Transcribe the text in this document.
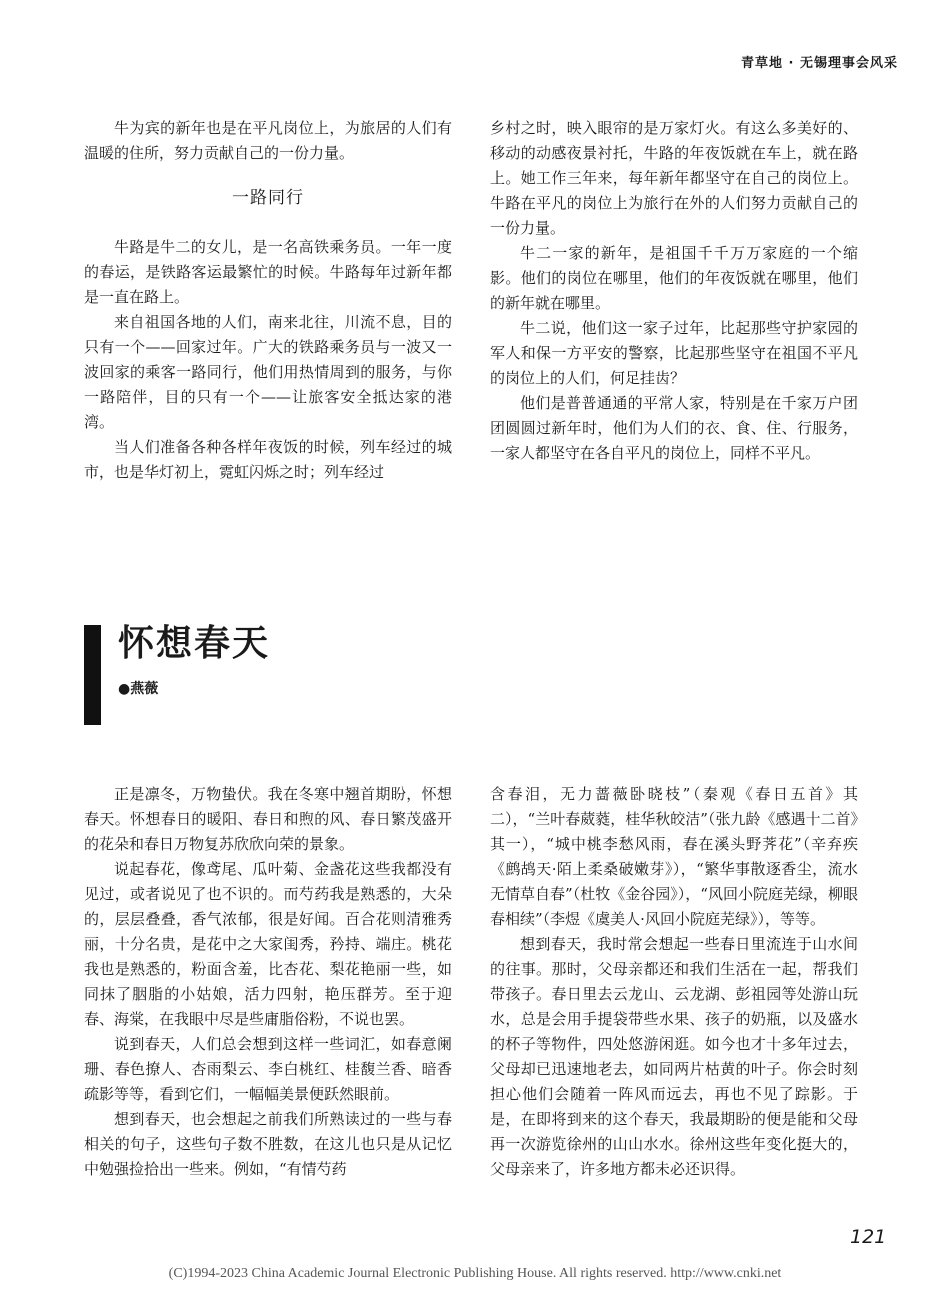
青草地 · 无锡理事会风采

牛为宾的新年也是在平凡岗位上，为旅居的人们有温暖的住所，努力贡献自己的一份力量。

一路同行

牛路是牛二的女儿，是一名高铁乘务员。一年一度的春运，是铁路客运最繁忙的时候。牛路每年过新年都是一直在路上。

来自祖国各地的人们，南来北往，川流不息，目的只有一个——回家过年。广大的铁路乘务员与一波又一波回家的乘客一路同行，他们用热情周到的服务，与你一路陪伴，目的只有一个——让旅客安全抵达家的港湾。

当人们准备各种各样年夜饭的时候，列车经过的城市，也是华灯初上，霓虹闪烁之时；列车经过

乡村之时，映入眼帘的是万家灯火。有这么多美好的、移动的动感夜景衬托，牛路的年夜饭就在车上，就在路上。她工作三年来，每年新年都坚守在自己的岗位上。牛路在平凡的岗位上为旅行在外的人们努力贡献自己的一份力量。

牛二一家的新年，是祖国千千万万家庭的一个缩影。他们的岗位在哪里，他们的年夜饭就在哪里，他们的新年就在哪里。

牛二说，他们这一家子过年，比起那些守护家园的军人和保一方平安的警察，比起那些坚守在祖国不平凡的岗位上的人们，何足挂齿？

他们是普普通通的平常人家，特别是在千家万户团团圆圆过新年时，他们为人们的衣、食、住、行服务，一家人都坚守在各自平凡的岗位上，同样不平凡。

怀想春天
●燕薇

正是凛冬，万物蛰伏。我在冬寒中翘首期盼，怀想春天。怀想春日的暖阳、春日和煦的风、春日繁茂盛开的花朵和春日万物复苏欣欣向荣的景象。

说起春花，像鸢尾、瓜叶菊、金盏花这些我都没有见过，或者说见了也不识的。而芍药我是熟悉的，大朵的，层层叠叠，香气浓郁，很是好闻。百合花则清雅秀丽，十分名贵，是花中之大家闺秀，矜持、端庄。桃花我也是熟悉的，粉面含羞，比杏花、梨花艳丽一些，如同抹了胭脂的小姑娘，活力四射，艳压群芳。至于迎春、海棠，在我眼中尽是些庸脂俗粉，不说也罢。

说到春天，人们总会想到这样一些词汇，如春意阑珊、春色撩人、杏雨梨云、李白桃红、桂馥兰香、暗香疏影等等，看到它们，一幅幅美景便跃然眼前。

想到春天，也会想起之前我们所熟读过的一些与春相关的句子，这些句子数不胜数，在这儿也只是从记忆中勉强捡拾出一些来。例如，“有情芍药

含春泪，无力蔷薇卧晓枝”（秦观《春日五首》其二），“兰叶春葳蕤，桂华秋皎洁”（张九龄《感遇十二首》其一），“城中桃李愁风雨，春在溪头野荠花”（辛弃疾《鹧鸪天·陌上柔桑破嫩芽》），“繁华事散逐香尘，流水无情草自春”（杜牧《金谷园》），“风回小院庭芜绿，柳眼春相续”（李煜《虞美人·风回小院庭芜绿》），等等。

想到春天，我时常会想起一些春日里流连于山水间的往事。那时，父母亲都还和我们生活在一起，帮我们带孩子。春日里去云龙山、云龙湖、彭祖园等处游山玩水，总是会用手提袋带些水果、孩子的奶瓶，以及盛水的杯子等物件，四处悠游闲逛。如今也才十多年过去，父母却已迅速地老去，如同两片枯黄的叶子。你会时刻担心他们会随着一阵风而远去，再也不见了踪影。于是，在即将到来的这个春天，我最期盼的便是能和父母再一次游览徐州的山山水水。徐州这些年变化挺大的，父母亲来了，许多地方都未必还识得。

121
(C)1994-2023 China Academic Journal Electronic Publishing House. All rights reserved. http://www.cnki.net
